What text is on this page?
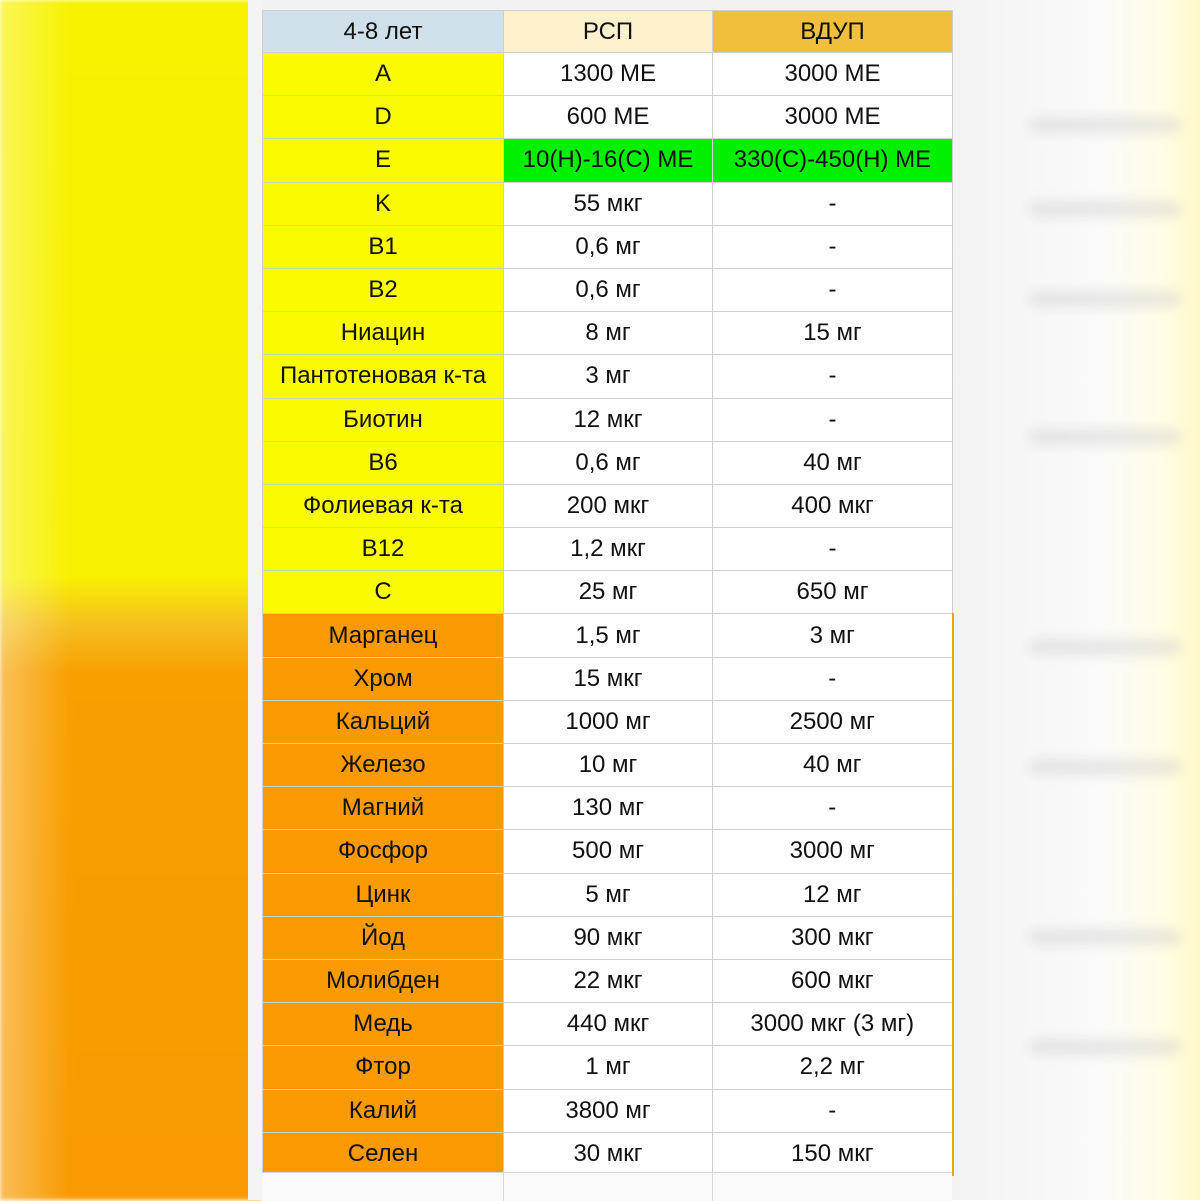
4-8 лет	РСП	ВДУП
A	1300 МЕ	3000 МЕ
D	600 МЕ	3000 МЕ
E	10(Н)-16(С) МЕ	330(С)-450(Н) МЕ
K	55 мкг	-
B1	0,6 мг	-
B2	0,6 мг	-
Ниацин	8 мг	15 мг
Пантотеновая к-та	3 мг	-
Биотин	12 мкг	-
B6	0,6 мг	40 мг
Фолиевая к-та	200 мкг	400 мкг
B12	1,2 мкг	-
C	25 мг	650 мг
Марганец	1,5 мг	3 мг
Хром	15 мкг	-
Кальций	1000 мг	2500 мг
Железо	10 мг	40 мг
Магний	130 мг	-
Фосфор	500 мг	3000 мг
Цинк	5 мг	12 мг
Йод	90 мкг	300 мкг
Молибден	22 мкг	600 мкг
Медь	440 мкг	3000 мкг (3 мг)
Фтор	1 мг	2,2 мг
Калий	3800 мг	-
Селен	30 мкг	150 мкг
